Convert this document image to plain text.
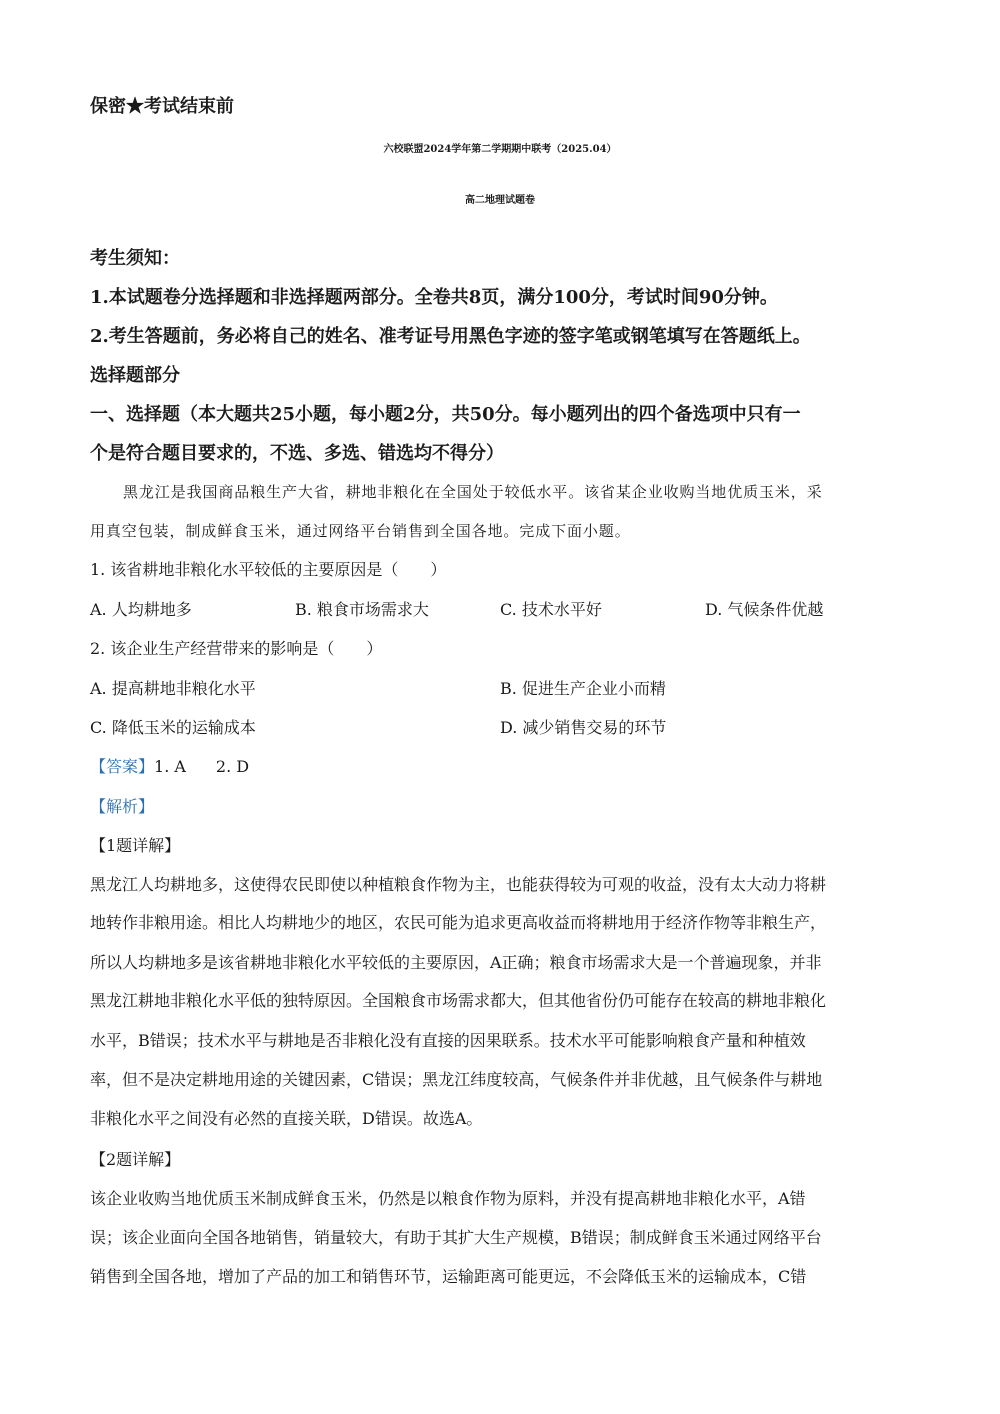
保密★考试结束前
六校联盟2024学年第二学期期中联考（2025.04）
高二地理试题卷
考生须知：
1.本试题卷分选择题和非选择题两部分。全卷共8页，满分100分，考试时间90分钟。
2.考生答题前，务必将自己的姓名、准考证号用黑色字迹的签字笔或钢笔填写在答题纸上。
选择题部分
一、选择题（本大题共25小题，每小题2分，共50分。每小题列出的四个备选项中只有一
个是符合题目要求的，不选、多选、错选均不得分）
黑龙江是我国商品粮生产大省，耕地非粮化在全国处于较低水平。该省某企业收购当地优质玉米，采
用真空包装，制成鲜食玉米，通过网络平台销售到全国各地。完成下面小题。
1. 该省耕地非粮化水平较低的主要原因是（　　）
A. 人均耕地多	B. 粮食市场需求大	C. 技术水平好	D. 气候条件优越
2. 该企业生产经营带来的影响是（　　）
A. 提高耕地非粮化水平	B. 促进生产企业小而精
C. 降低玉米的运输成本	D. 减少销售交易的环节
【答案】1. A 2. D
【解析】
【1题详解】
黑龙江人均耕地多，这使得农民即使以种植粮食作物为主，也能获得较为可观的收益，没有太大动力将耕
地转作非粮用途。相比人均耕地少的地区，农民可能为追求更高收益而将耕地用于经济作物等非粮生产，
所以人均耕地多是该省耕地非粮化水平较低的主要原因，A正确；粮食市场需求大是一个普遍现象，并非
黑龙江耕地非粮化水平低的独特原因。全国粮食市场需求都大，但其他省份仍可能存在较高的耕地非粮化
水平，B错误；技术水平与耕地是否非粮化没有直接的因果联系。技术水平可能影响粮食产量和种植效
率，但不是决定耕地用途的关键因素，C错误；黑龙江纬度较高，气候条件并非优越，且气候条件与耕地
非粮化水平之间没有必然的直接关联，D错误。故选A。
【2题详解】
该企业收购当地优质玉米制成鲜食玉米，仍然是以粮食作物为原料，并没有提高耕地非粮化水平，A错
误；该企业面向全国各地销售，销量较大，有助于其扩大生产规模，B错误；制成鲜食玉米通过网络平台
销售到全国各地，增加了产品的加工和销售环节，运输距离可能更远，不会降低玉米的运输成本，C错
